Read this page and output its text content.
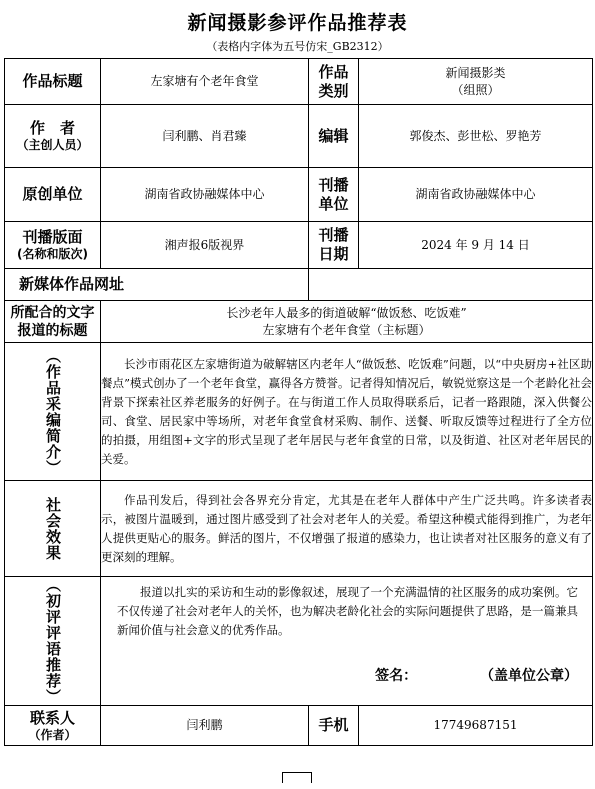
新闻摄影参评作品推荐表
（表格内字体为五号仿宋_GB2312）
作品标题	左家塘有个老年食堂	作品类别	新闻摄影类
（组照）

作　者
（主创人员）	闫利鹏、肖君臻	编辑	郭俊杰、彭世松、罗艳芳
原创单位	湖南省政协融媒体中心	刊播单位	湖南省政协融媒体中心
刊播版面
(名称和版次)	湘声报6版视界	刊播日期	2024 年 9 月 14 日
新媒体作品网址			
所配合的文字报道的标题	长沙老年人最多的街道破解“做饭愁、吃饭难”
左家塘有个老年食堂（主标题）		

（作品采编简介）	长沙市雨花区左家塘街道为破解辖区内老年人“做饭愁、吃饭难”问题，以“中央厨房+社区助餐点”模式创办了一个老年食堂，赢得各方赞誉。记者得知情况后，敏锐觉察这是一个老龄化社会背景下探索社区养老服务的好例子。在与街道工作人员取得联系后，记者一路跟随，深入供餐公司、食堂、居民家中等场所，对老年食堂食材采购、制作、送餐、听取反馈等过程进行了全方位的拍摄，用组图+文字的形式呈现了老年居民与老年食堂的日常，以及街道、社区对老年居民的关爱。		

社会效果	作品刊发后，得到社会各界充分肯定，尤其是在老年人群体中产生广泛共鸣。许多读者表示，被图片温暖到，通过图片感受到了社会对老年人的关爱。希望这种模式能得到推广，为老年人提供更贴心的服务。鲜活的图片，不仅增强了报道的感染力，也让读者对社区服务的意义有了更深刻的理解。		

（初评评语推荐）	报道以扎实的采访和生动的影像叙述，展现了一个充满温情的社区服务的成功案例。它不仅传递了社会对老年人的关怀，也为解决老龄化社会的实际问题提供了思路，是一篇兼具新闻价值与社会意义的优秀作品。
签名： （盖单位公章）		

联系人
（作者）	闫利鹏	手机	17749687151
